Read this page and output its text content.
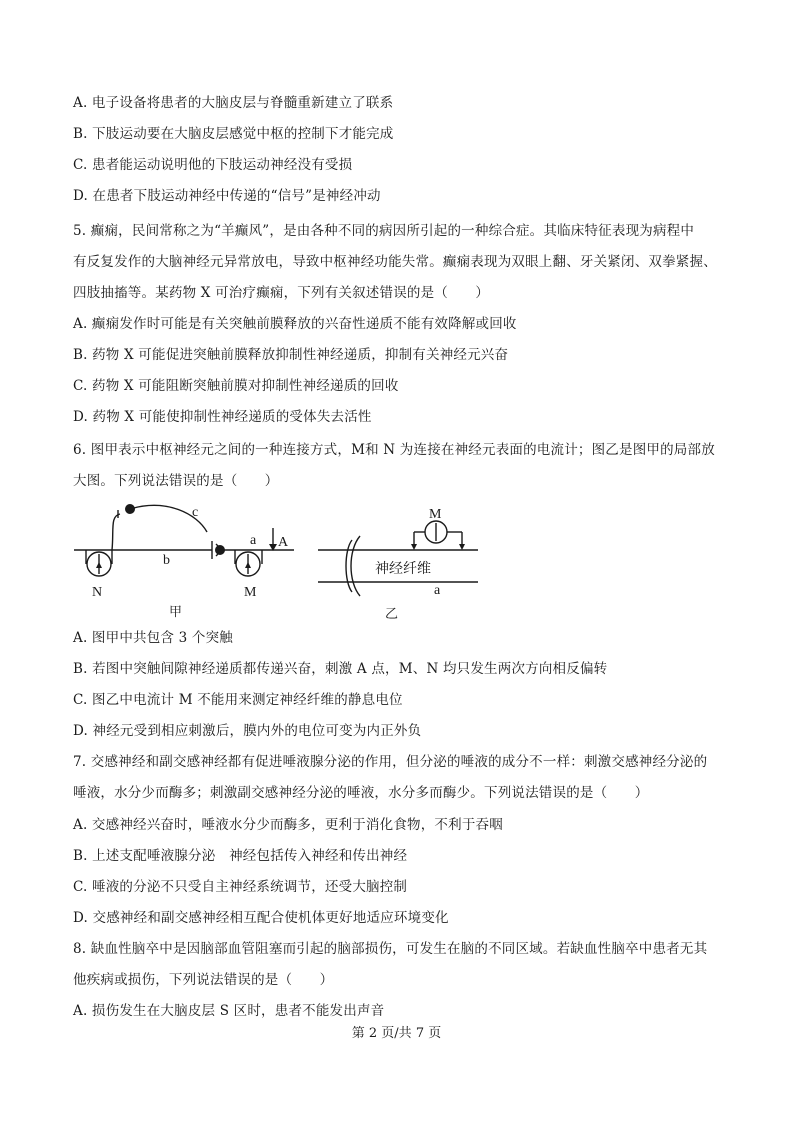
A. 电子设备将患者的大脑皮层与脊髓重新建立了联系
B. 下肢运动要在大脑皮层感觉中枢的控制下才能完成
C. 患者能运动说明他的下肢运动神经没有受损
D. 在患者下肢运动神经中传递的“信号”是神经冲动
5. 癫痫，民间常称之为“羊癫风”，是由各种不同的病因所引起的一种综合症。其临床特征表现为病程中
有反复发作的大脑神经元异常放电，导致中枢神经功能失常。癫痫表现为双眼上翻、牙关紧闭、双拳紧握、
四肢抽搐等。某药物 X 可治疗癫痫，下列有关叙述错误的是（　　）
A. 癫痫发作时可能是有关突触前膜释放的兴奋性递质不能有效降解或回收
B. 药物 X 可能促进突触前膜释放抑制性神经递质，抑制有关神经元兴奋
C. 药物 X 可能阻断突触前膜对抑制性神经递质的回收
D. 药物 X 可能使抑制性神经递质的受体失去活性
6. 图甲表示中枢神经元之间的一种连接方式，M和 N 为连接在神经元表面的电流计；图乙是图甲的局部放
大图。下列说法错误的是（　　）
c
a A
b
N	M
甲
M
神经纤维
a
乙
A. 图甲中共包含 3 个突触
B. 若图中突触间隙神经递质都传递兴奋，刺激 A 点，M、N 均只发生两次方向相反偏转
C. 图乙中电流计 M 不能用来测定神经纤维的静息电位
D. 神经元受到相应刺激后，膜内外的电位可变为内正外负
7. 交感神经和副交感神经都有促进唾液腺分泌的作用，但分泌的唾液的成分不一样：刺激交感神经分泌的
唾液，水分少而酶多；刺激副交感神经分泌的唾液，水分多而酶少。下列说法错误的是（　　）
A. 交感神经兴奋时，唾液水分少而酶多，更利于消化食物，不利于吞咽
B. 上述支配唾液腺分泌　神经包括传入神经和传出神经
C. 唾液的分泌不只受自主神经系统调节，还受大脑控制
D. 交感神经和副交感神经相互配合使机体更好地适应环境变化
8. 缺血性脑卒中是因脑部血管阻塞而引起的脑部损伤，可发生在脑的不同区域。若缺血性脑卒中患者无其
他疾病或损伤，下列说法错误的是（　　）
A. 损伤发生在大脑皮层 S 区时，患者不能发出声音
第 2 页/共 7 页
